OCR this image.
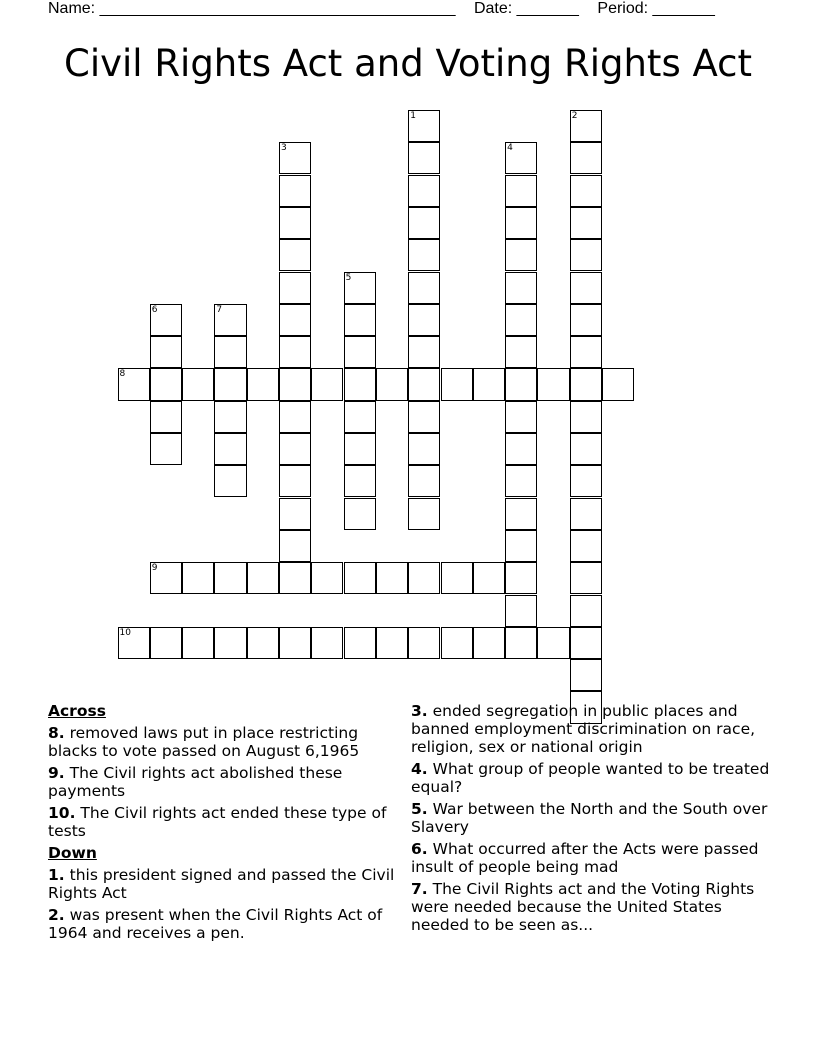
Name: ________________________________________ Date: _______ Period: _______
Civil Rights Act and Voting Rights Act
1	2
3	4
5
6	7
8
9
10
Across
8. removed laws put in place restricting blacks to vote passed on August 6,1965
9. The Civil rights act abolished these payments
10. The Civil rights act ended these type of tests
Down
1. this president signed and passed the Civil Rights Act
2. was present when the Civil Rights Act of 1964 and receives a pen.
3. ended segregation in public places and banned employment discrimination on race, religion, sex or national origin
4. What group of people wanted to be treated equal?
5. War between the North and the South over Slavery
6. What occurred after the Acts were passed insult of people being mad
7. The Civil Rights act and the Voting Rights were needed because the United States needed to be seen as...
